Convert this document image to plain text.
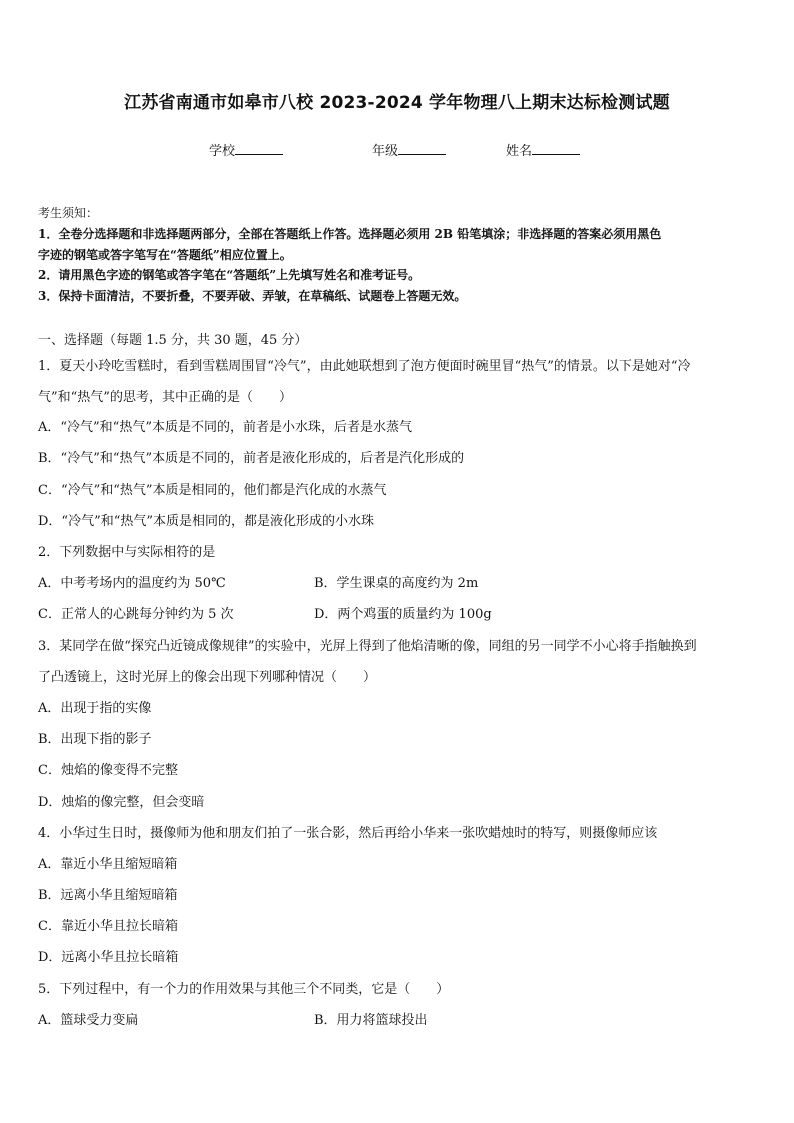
江苏省南通市如皋市八校 2023-2024 学年物理八上期末达标检测试题
学校	年级	姓名
考生须知：
1．全卷分选择题和非选择题两部分，全部在答题纸上作答。选择题必须用 2B 铅笔填涂；非选择题的答案必须用黑色
字迹的钢笔或答字笔写在“答题纸”相应位置上。
2．请用黑色字迹的钢笔或答字笔在“答题纸”上先填写姓名和准考证号。
3．保持卡面清洁，不要折叠，不要弄破、弄皱，在草稿纸、试题卷上答题无效。
一、选择题（每题 1.5 分，共 30 题，45 分）
1．夏天小玲吃雪糕时，看到雪糕周围冒“冷气”，由此她联想到了泡方便面时碗里冒“热气”的情景。以下是她对“冷
气”和“热气”的思考，其中正确的是（　　）
A．“冷气”和“热气”本质是不同的，前者是小水珠，后者是水蒸气
B．“冷气”和“热气”本质是不同的，前者是液化形成的，后者是汽化形成的
C．“冷气”和“热气”本质是相同的，他们都是汽化成的水蒸气
D．“冷气”和“热气”本质是相同的，都是液化形成的小水珠
2．下列数据中与实际相符的是
A．中考考场内的温度约为 50℃	B．学生课桌的高度约为 2m
C．正常人的心跳每分钟约为 5 次	D．两个鸡蛋的质量约为 100g
3．某同学在做“探究凸近镜成像规律”的实验中，光屏上得到了他焰清晰的像，同组的另一同学不小心将手指触换到
了凸透镜上，这时光屏上的像会出现下列哪种情况（　　）
A．出现于指的实像
B．出现下指的影子
C．烛焰的像变得不完整
D．烛焰的像完整，但会变暗
4．小华过生日时，摄像师为他和朋友们拍了一张合影，然后再给小华来一张吹蜡烛时的特写，则摄像师应该
A．靠近小华且缩短暗箱
B．远离小华且缩短暗箱
C．靠近小华且拉长暗箱
D．远离小华且拉长暗箱
5．下列过程中，有一个力的作用效果与其他三个不同类，它是（　　）
A．篮球受力变扁	B．用力将篮球投出
